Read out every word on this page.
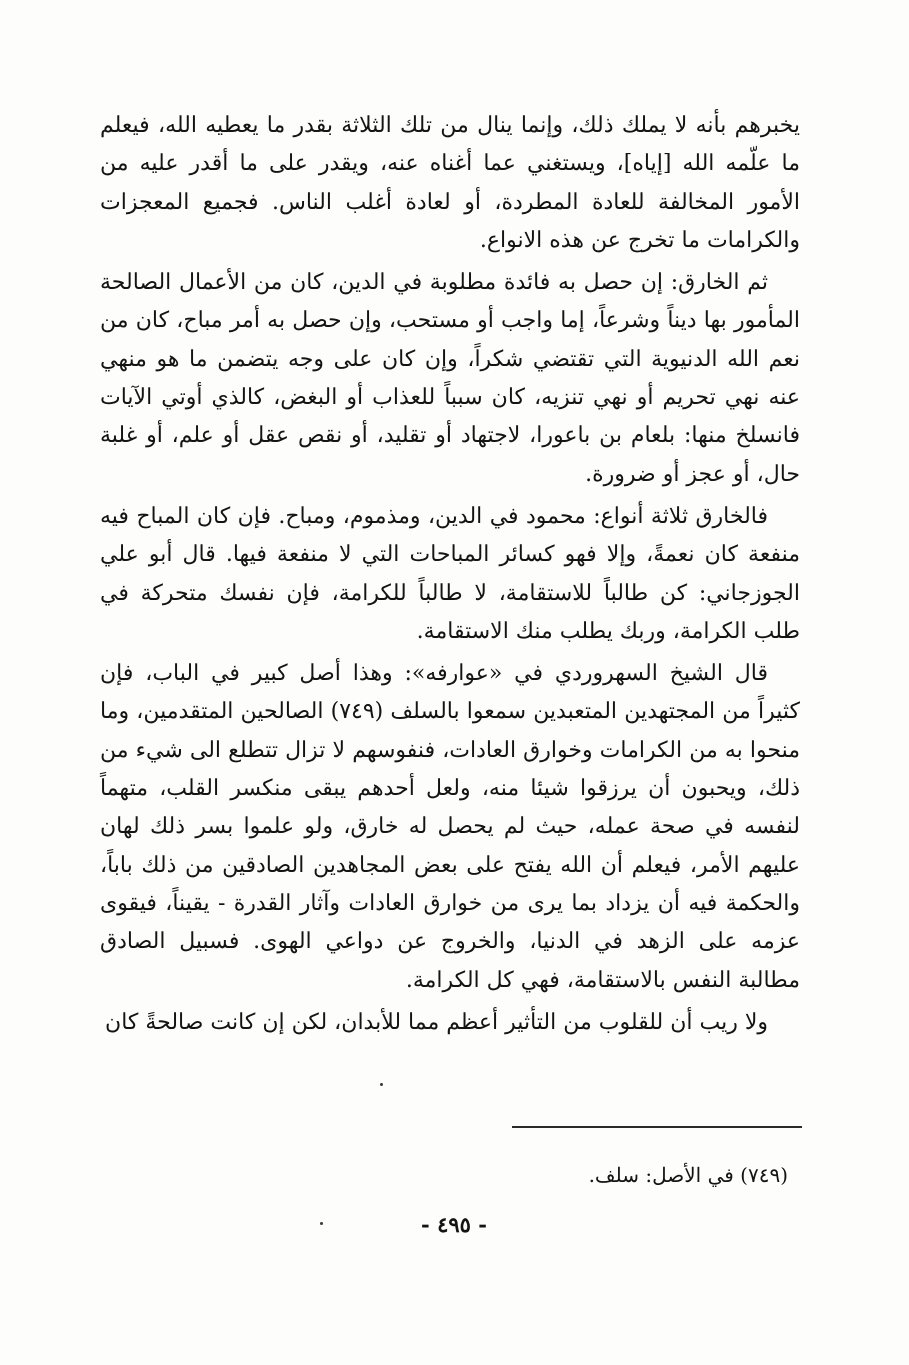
يخبرهم بأنه لا يملك ذلك، وإنما ينال من تلك الثلاثة بقدر ما يعطيه الله، فيعلم ما علّمه الله [إياه]، ويستغني عما أغناه عنه، ويقدر على ما أقدر عليه من الأمور المخالفة للعادة المطردة، أو لعادة أغلب الناس. فجميع المعجزات والكرامات ما تخرج عن هذه الانواع.

ثم الخارق: إن حصل به فائدة مطلوبة في الدين، كان من الأعمال الصالحة المأمور بها ديناً وشرعاً، إما واجب أو مستحب، وإن حصل به أمر مباح، كان من نعم الله الدنيوية التي تقتضي شكراً، وإن كان على وجه يتضمن ما هو منهي عنه نهي تحريم أو نهي تنزيه، كان سبباً للعذاب أو البغض، كالذي أوتي الآيات فانسلخ منها: بلعام بن باعورا، لاجتهاد أو تقليد، أو نقص عقل أو علم، أو غلبة حال، أو عجز أو ضرورة.

فالخارق ثلاثة أنواع: محمود في الدين، ومذموم، ومباح. فإن كان المباح فيه منفعة كان نعمةً، وإلا فهو كسائر المباحات التي لا منفعة فيها. قال أبو علي الجوزجاني: كن طالباً للاستقامة، لا طالباً للكرامة، فإن نفسك متحركة في طلب الكرامة، وربك يطلب منك الاستقامة.

قال الشيخ السهروردي في «عوارفه»: وهذا أصل كبير في الباب، فإن كثيراً من المجتهدين المتعبدين سمعوا بالسلف (٧٤٩) الصالحين المتقدمين، وما منحوا به من الكرامات وخوارق العادات، فنفوسهم لا تزال تتطلع الى شيء من ذلك، ويحبون أن يرزقوا شيئا منه، ولعل أحدهم يبقى منكسر القلب، متهماً لنفسه في صحة عمله، حيث لم يحصل له خارق، ولو علموا بسر ذلك لهان عليهم الأمر، فيعلم أن الله يفتح على بعض المجاهدين الصادقين من ذلك باباً، والحكمة فيه أن يزداد بما يرى من خوارق العادات وآثار القدرة - يقيناً، فيقوى عزمه على الزهد في الدنيا، والخروج عن دواعي الهوى. فسبيل الصادق مطالبة النفس بالاستقامة، فهي كل الكرامة.

ولا ريب أن للقلوب من التأثير أعظم مما للأبدان، لكن إن كانت صالحةً كان

(٧٤٩) في الأصل: سلف.
- ٤٩٥ -
